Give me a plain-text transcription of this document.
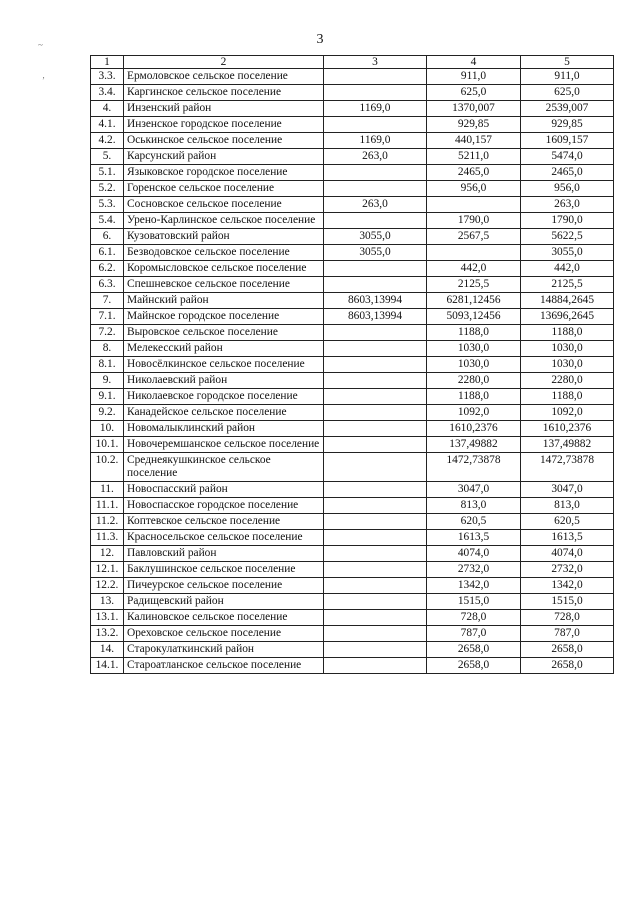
3
~
‚
1	2	3	4	5
3.3.	Ермоловское сельское поселение		911,0	911,0
3.4.	Каргинское сельское поселение		625,0	625,0
4.	Инзенский район	1169,0	1370,007	2539,007
4.1.	Инзенское городское поселение		929,85	929,85
4.2.	Оськинское сельское поселение	1169,0	440,157	1609,157
5.	Карсунский район	263,0	5211,0	5474,0
5.1.	Языковское городское поселение		2465,0	2465,0
5.2.	Горенское сельское поселение		956,0	956,0
5.3.	Сосновское сельское поселение	263,0		263,0
5.4.	Урено-Карлинское сельское поселение		1790,0	1790,0
6.	Кузоватовский район	3055,0	2567,5	5622,5
6.1.	Безводовское сельское поселение	3055,0		3055,0
6.2.	Коромысловское сельское поселение		442,0	442,0
6.3.	Спешневское сельское поселение		2125,5	2125,5
7.	Майнский район	8603,13994	6281,12456	14884,2645
7.1.	Майнское городское поселение	8603,13994	5093,12456	13696,2645
7.2.	Выровское сельское поселение		1188,0	1188,0
8.	Мелекесский район		1030,0	1030,0
8.1.	Новосёлкинское сельское поселение		1030,0	1030,0
9.	Николаевский район		2280,0	2280,0
9.1.	Николаевское городское поселение		1188,0	1188,0
9.2.	Канадейское сельское поселение		1092,0	1092,0
10.	Новомалыклинский район		1610,2376	1610,2376
10.1.	Новочеремшанское сельское поселение		137,49882	137,49882
10.2.	Среднеякушкинское сельское поселение		1472,73878	1472,73878
11.	Новоспасский район		3047,0	3047,0
11.1.	Новоспасское городское поселение		813,0	813,0
11.2.	Коптевское сельское поселение		620,5	620,5
11.3.	Красносельское сельское поселение		1613,5	1613,5
12.	Павловский район		4074,0	4074,0
12.1.	Баклушинское сельское поселение		2732,0	2732,0
12.2.	Пичеурское сельское поселение		1342,0	1342,0
13.	Радищевский район		1515,0	1515,0
13.1.	Калиновское сельское поселение		728,0	728,0
13.2.	Ореховское сельское поселение		787,0	787,0
14.	Старокулаткинский район		2658,0	2658,0
14.1.	Староатланское сельское поселение		2658,0	2658,0
